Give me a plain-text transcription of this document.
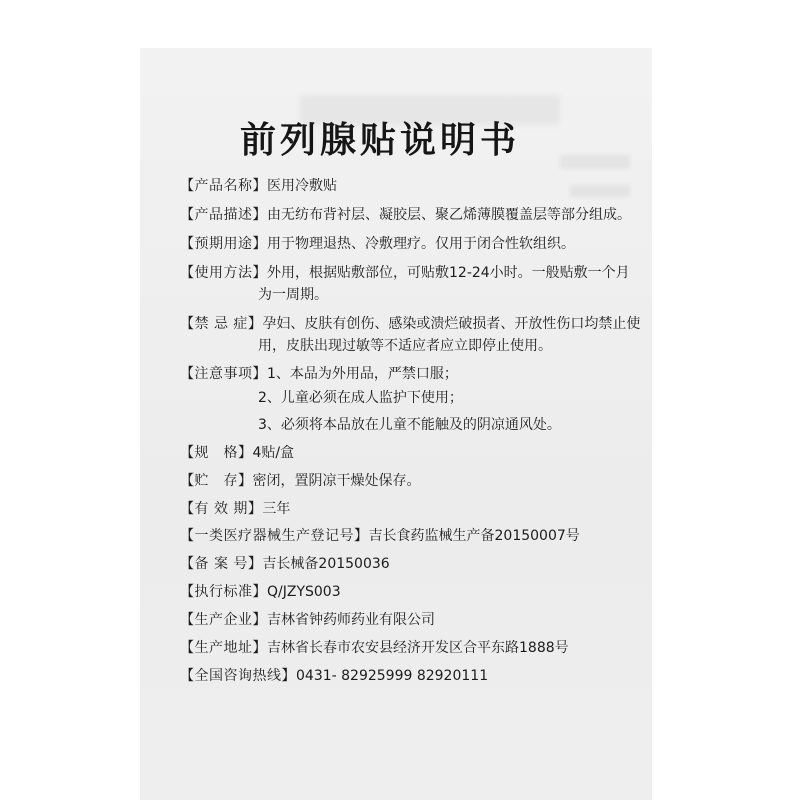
前列腺贴说明书
【产品名称】医用冷敷贴
【产品描述】由无纺布背衬层、凝胶层、聚乙烯薄膜覆盖层等部分组成。
【预期用途】用于物理退热、冷敷理疗。仅用于闭合性软组织。
【使用方法】外用，根据贴敷部位，可贴敷12-24小时。一般贴敷一个月
为一周期。
【禁 忌 症】孕妇、皮肤有创伤、感染或溃烂破损者、开放性伤口均禁止使
用，皮肤出现过敏等不适应者应立即停止使用。
【注意事项】1、本品为外用品，严禁口服；
2、儿童必须在成人监护下使用；
3、必须将本品放在儿童不能触及的阴凉通风处。
【规　格】4贴/盒
【贮　存】密闭，置阴凉干燥处保存。
【有 效 期】三年
【一类医疗器械生产登记号】吉长食药监械生产备20150007号
【备 案 号】吉长械备20150036
【执行标准】Q/JZYS003
【生产企业】吉林省钟药师药业有限公司
【生产地址】吉林省长春市农安县经济开发区合平东路1888号
【全国咨询热线】0431- 82925999 82920111
